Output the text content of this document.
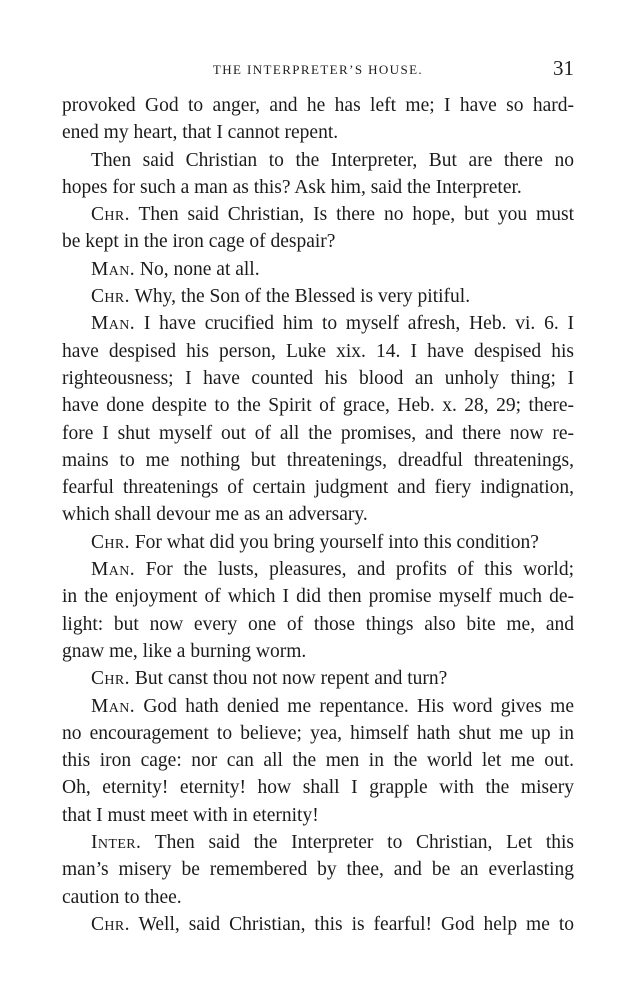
THE INTERPRETER’S HOUSE.	31
provoked God to anger, and he has left me; I have so hard-
ened my heart, that I cannot repent.
Then said Christian to the Interpreter, But are there no
hopes for such a man as this? Ask him, said the Interpreter.
Chr. Then said Christian, Is there no hope, but you must
be kept in the iron cage of despair?
Man. No, none at all.
Chr. Why, the Son of the Blessed is very pitiful.
Man. I have crucified him to myself afresh, Heb. vi. 6. I
have despised his person, Luke xix. 14. I have despised his
righteousness; I have counted his blood an unholy thing; I
have done despite to the Spirit of grace, Heb. x. 28, 29; there-
fore I shut myself out of all the promises, and there now re-
mains to me nothing but threatenings, dreadful threatenings,
fearful threatenings of certain judgment and fiery indignation,
which shall devour me as an adversary.
Chr. For what did you bring yourself into this condition?
Man. For the lusts, pleasures, and profits of this world;
in the enjoyment of which I did then promise myself much de-
light: but now every one of those things also bite me, and
gnaw me, like a burning worm.
Chr. But canst thou not now repent and turn?
Man. God hath denied me repentance. His word gives me
no encouragement to believe; yea, himself hath shut me up in
this iron cage: nor can all the men in the world let me out.
Oh, eternity! eternity! how shall I grapple with the misery
that I must meet with in eternity!
Inter. Then said the Interpreter to Christian, Let this
man’s misery be remembered by thee, and be an everlasting
caution to thee.
Chr. Well, said Christian, this is fearful! God help me to
